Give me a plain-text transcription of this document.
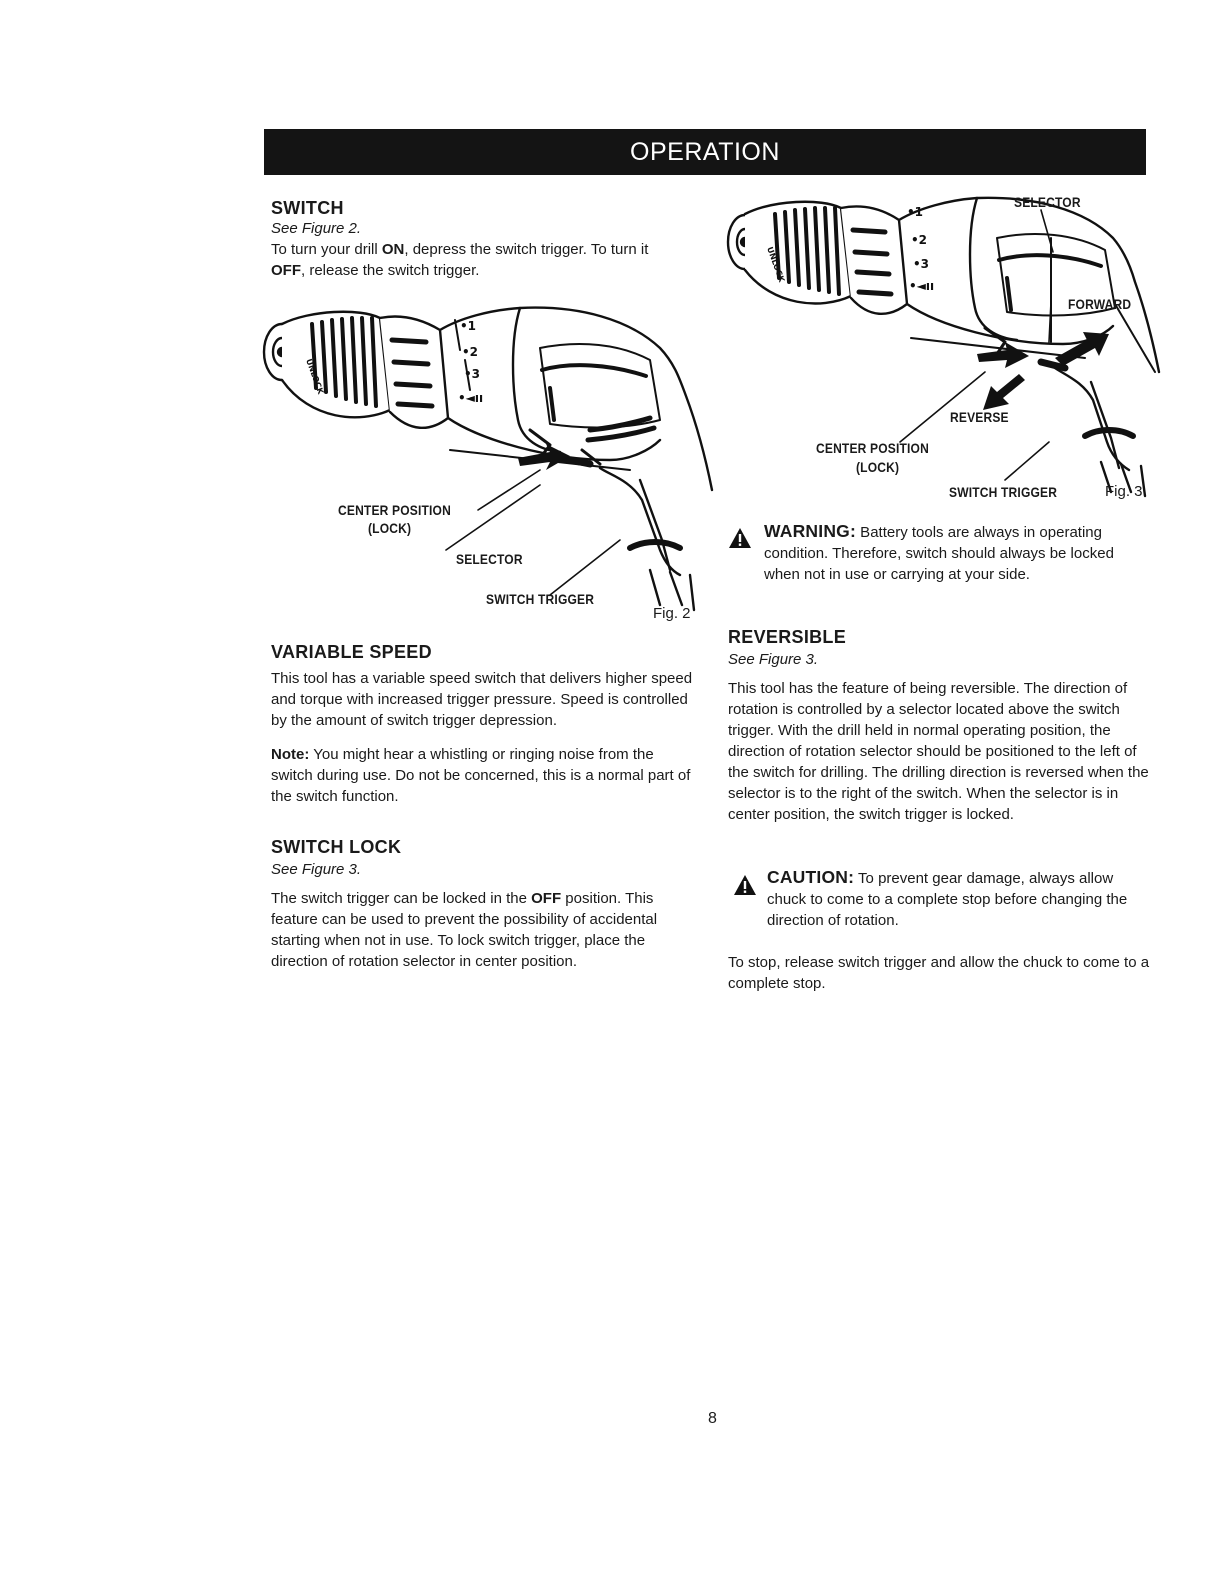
OPERATION
SWITCH

See Figure 2.

To turn your drill ON, depress the switch trigger. To turn it OFF, release the switch trigger.

•1
•2
•3
•◄ıı
UNLOCK
CENTER POSITION
(LOCK)
SELECTOR
SWITCH TRIGGER
Fig. 2
VARIABLE SPEED

This tool has a variable speed switch that delivers higher speed and torque with increased trigger pressure. Speed is controlled by the amount of switch trigger depression.

Note: You might hear a whistling or ringing noise from the switch during use. Do not be concerned, this is a normal part of the switch function.

SWITCH LOCK

See Figure 3.

The switch trigger can be locked in the OFF position. This feature can be used to prevent the possibility of accidental starting when not in use. To lock switch trigger, place the direction of rotation selector in center position.

•1
•2
•3
•◄ıı
UNLOCK
SELECTOR
FORWARD
REVERSE
CENTER POSITION
(LOCK)
SWITCH TRIGGER	Fig. 3
WARNING: Battery tools are always in operating condition. Therefore, switch should always be locked when not in use or carrying at your side.
REVERSIBLE

See Figure 3.

This tool has the feature of being reversible. The direction of rotation is controlled by a selector located above the switch trigger. With the drill held in normal operating position, the direction of rotation selector should be positioned to the left of the switch for drilling. The drilling direction is reversed when the selector is to the right of the switch. When the selector is in center position, the switch trigger is locked.

CAUTION: To prevent gear damage, always allow chuck to come to a complete stop before changing the direction of rotation.

To stop, release switch trigger and allow the chuck to come to a complete stop.

8
